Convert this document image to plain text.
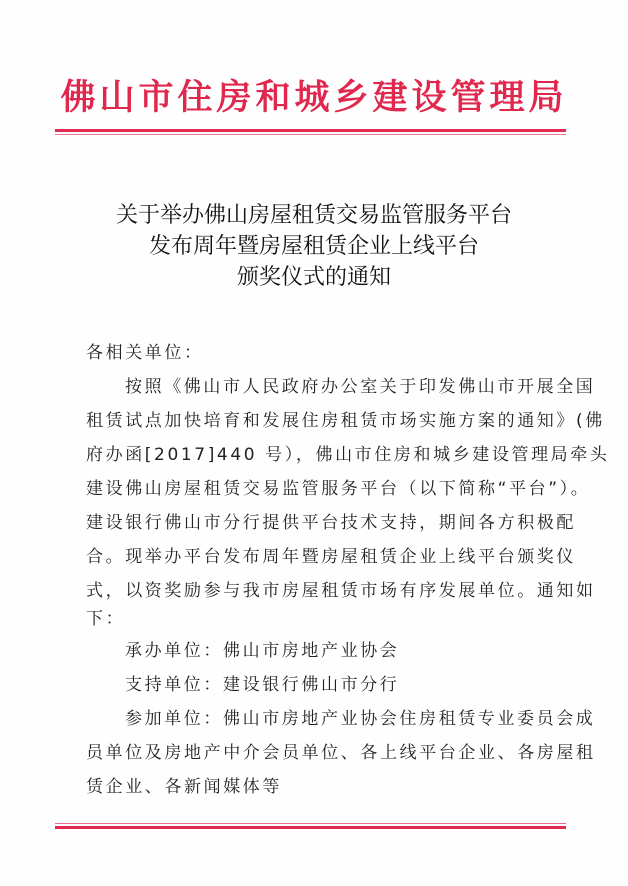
佛山市住房和城乡建设管理局
关于举办佛山房屋租赁交易监管服务平台
发布周年暨房屋租赁企业上线平台
颁奖仪式的通知
各相关单位：
按照《佛山市人民政府办公室关于印发佛山市开展全国
租赁试点加快培育和发展住房租赁市场实施方案的通知》(佛
府办函[2017]440 号），佛山市住房和城乡建设管理局牵头
建设佛山房屋租赁交易监管服务平台（以下简称“平台”）。
建设银行佛山市分行提供平台技术支持，期间各方积极配
合。现举办平台发布周年暨房屋租赁企业上线平台颁奖仪
式，以资奖励参与我市房屋租赁市场有序发展单位。通知如
下：
承办单位：佛山市房地产业协会
支持单位：建设银行佛山市分行
参加单位：佛山市房地产业协会住房租赁专业委员会成
员单位及房地产中介会员单位、各上线平台企业、各房屋租
赁企业、各新闻媒体等
